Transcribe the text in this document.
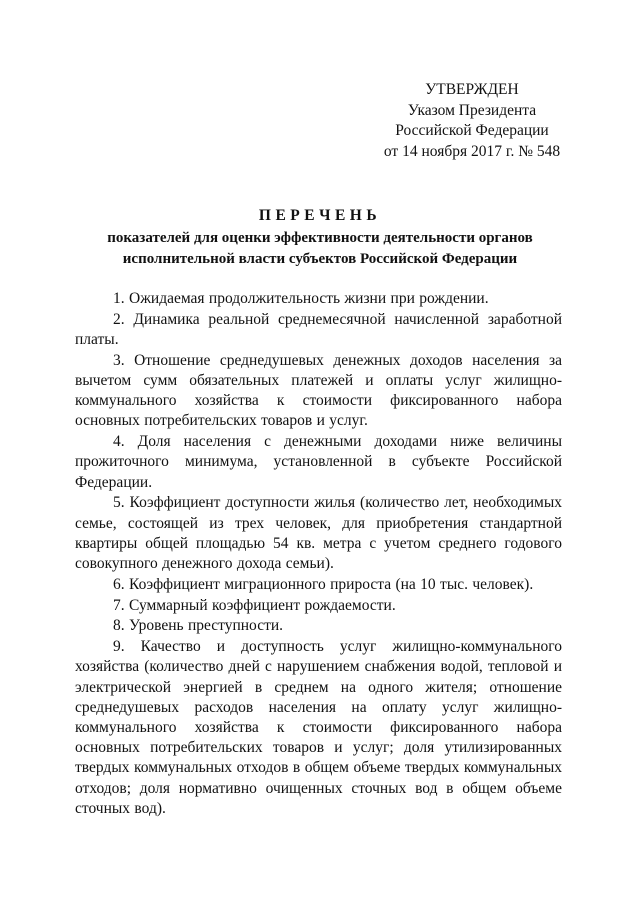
УТВЕРЖДЕН
Указом Президента
Российской Федерации
от 14 ноября 2017 г. № 548
ПЕРЕЧЕНЬ
показателей для оценки эффективности деятельности органов
исполнительной власти субъектов Российской Федерации

1. Ожидаемая продолжительность жизни при рождении.

2. Динамика реальной среднемесячной начисленной заработной платы.

3. Отношение среднедушевых денежных доходов населения за вычетом сумм обязательных платежей и оплаты услуг жилищно-коммунального хозяйства к стоимости фиксированного набора основных потребительских товаров и услуг.

4. Доля населения с денежными доходами ниже величины прожиточного минимума, установленной в субъекте Российской Федерации.

5. Коэффициент доступности жилья (количество лет, необходимых семье, состоящей из трех человек, для приобретения стандартной квартиры общей площадью 54 кв. метра с учетом среднего годового совокупного денежного дохода семьи).

6. Коэффициент миграционного прироста (на 10 тыс. человек).

7. Суммарный коэффициент рождаемости.

8. Уровень преступности.

9. Качество и доступность услуг жилищно-коммунального хозяйства (количество дней с нарушением снабжения водой, тепловой и электрической энергией в среднем на одного жителя; отношение среднедушевых расходов населения на оплату услуг жилищно-коммунального хозяйства к стоимости фиксированного набора основных потребительских товаров и услуг; доля утилизированных твердых коммунальных отходов в общем объеме твердых коммунальных отходов; доля нормативно очищенных сточных вод в общем объеме сточных вод).
